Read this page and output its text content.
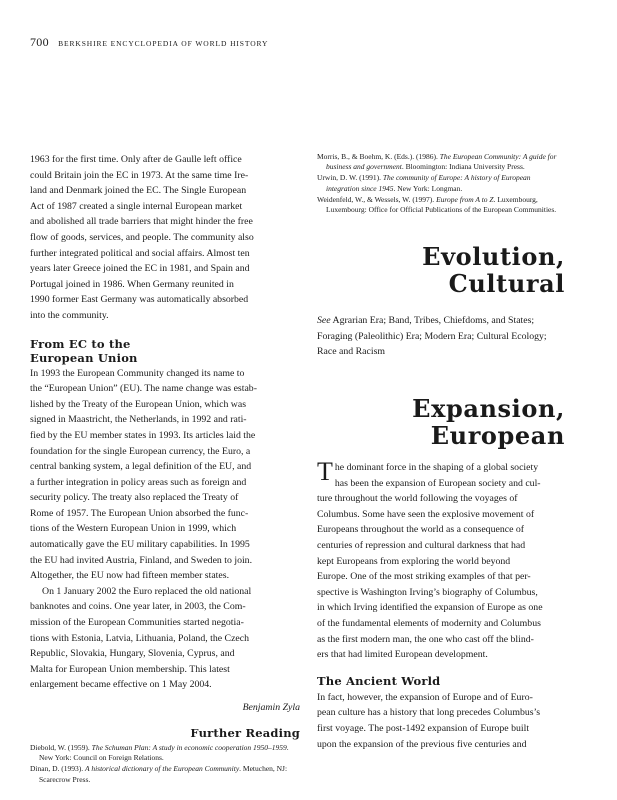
700 BERKSHIRE ENCYCLOPEDIA OF WORLD HISTORY
1963 for the first time. Only after de Gaulle left office
could Britain join the EC in 1973. At the same time Ire-
land and Denmark joined the EC. The Single European
Act of 1987 created a single internal European market
and abolished all trade barriers that might hinder the free
flow of goods, services, and people. The community also
further integrated political and social affairs. Almost ten
years later Greece joined the EC in 1981, and Spain and
Portugal joined in 1986. When Germany reunited in
1990 former East Germany was automatically absorbed
into the community.
From EC to the
European Union
In 1993 the European Community changed its name to
the “European Union” (EU). The name change was estab-
lished by the Treaty of the European Union, which was
signed in Maastricht, the Netherlands, in 1992 and rati-
fied by the EU member states in 1993. Its articles laid the
foundation for the single European currency, the Euro, a
central banking system, a legal definition of the EU, and
a further integration in policy areas such as foreign and
security policy. The treaty also replaced the Treaty of
Rome of 1957. The European Union absorbed the func-
tions of the Western European Union in 1999, which
automatically gave the EU military capabilities. In 1995
the EU had invited Austria, Finland, and Sweden to join.
Altogether, the EU now had fifteen member states.
On 1 January 2002 the Euro replaced the old national
banknotes and coins. One year later, in 2003, the Com-
mission of the European Communities started negotia-
tions with Estonia, Latvia, Lithuania, Poland, the Czech
Republic, Slovakia, Hungary, Slovenia, Cyprus, and
Malta for European Union membership. This latest
enlargement became effective on 1 May 2004.

Benjamin Zyla

Further Reading

Diebold, W. (1959). The Schuman Plan: A study in economic cooperation 1950–1959. New York: Council on Foreign Relations.

Dinan, D. (1993). A historical dictionary of the European Community. Metuchen, NJ: Scarecrow Press.

Morris, B., & Boehm, K. (Eds.). (1986). The European Community: A guide for business and government. Bloomington: Indiana University Press.

Urwin, D. W. (1991). The community of Europe: A history of European integration since 1945. New York: Longman.

Weidenfeld, W., & Wessels, W. (1997). Europe from A to Z. Luxembourg, Luxembourg: Office for Official Publications of the European Communities.

Evolution,
Cultural

See Agrarian Era; Band, Tribes, Chiefdoms, and States; Foraging (Paleolithic) Era; Modern Era; Cultural Ecology; Race and Racism

Expansion,
European
T he dominant force in the shaping of a global society
has been the expansion of European society and cul-
ture throughout the world following the voyages of
Columbus. Some have seen the explosive movement of
Europeans throughout the world as a consequence of
centuries of repression and cultural darkness that had
kept Europeans from exploring the world beyond
Europe. One of the most striking examples of that per-
spective is Washington Irving’s biography of Columbus,
in which Irving identified the expansion of Europe as one
of the fundamental elements of modernity and Columbus
as the first modern man, the one who cast off the blind-
ers that had limited European development.

The Ancient World

In fact, however, the expansion of Europe and of Euro-
pean culture has a history that long precedes Columbus’s
first voyage. The post-1492 expansion of Europe built
upon the expansion of the previous five centuries and
